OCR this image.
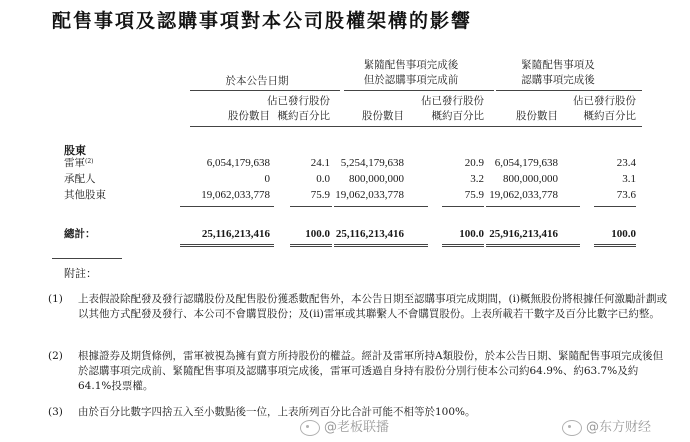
配售事項及認購事項對本公司股權架構的影響
於本公告日期
緊隨配售事項完成後
但於認購事項完成前
緊隨配售事項及
認購事項完成後
股份數目
佔已發行股份
概約百分比	股份數目
佔已發行股份
概約百分比	股份數目
佔已發行股份
概約百分比
股東
雷軍$^{(2)}$	6,054,179,638	24.1 5,254,179,638	20.9 6,054,179,638	23.4
承配人	0	0.0	800,000,000	3.2	800,000,000	3.1
其他股東	19,062,033,778	75.9 19,062,033,778	75.9 19,062,033,778	73.6
總計：	25,116,213,416	100.0 25,116,213,416	100.0 25,916,213,416	100.0
附註：
(1) 上表假設除配發及發行認購股份及配售股份獲悉數配售外，本公告日期至認購事項完成期間，(i)概無股份將根據任何激勵計劃或以其他方式配發及發行、本公司不會購買股份；及(ii)雷軍或其聯繫人不會購買股份。上表所載若干數字及百分比數字已約整。
(2) 根據證券及期貨條例，雷軍被視為擁有賣方所持股份的權益。經計及雷軍所持A類股份，於本公告日期、緊隨配售事項完成後但於認購事項完成前、緊隨配售事項及認購事項完成後，雷軍可透過自身持有股份分別行使本公司約64.9%、約63.7%及約64.1%投票權。
(3) 由於百分比數字四捨五入至小數點後一位，上表所列百分比合計可能不相等於100%。
@老板联播	@东方财经
